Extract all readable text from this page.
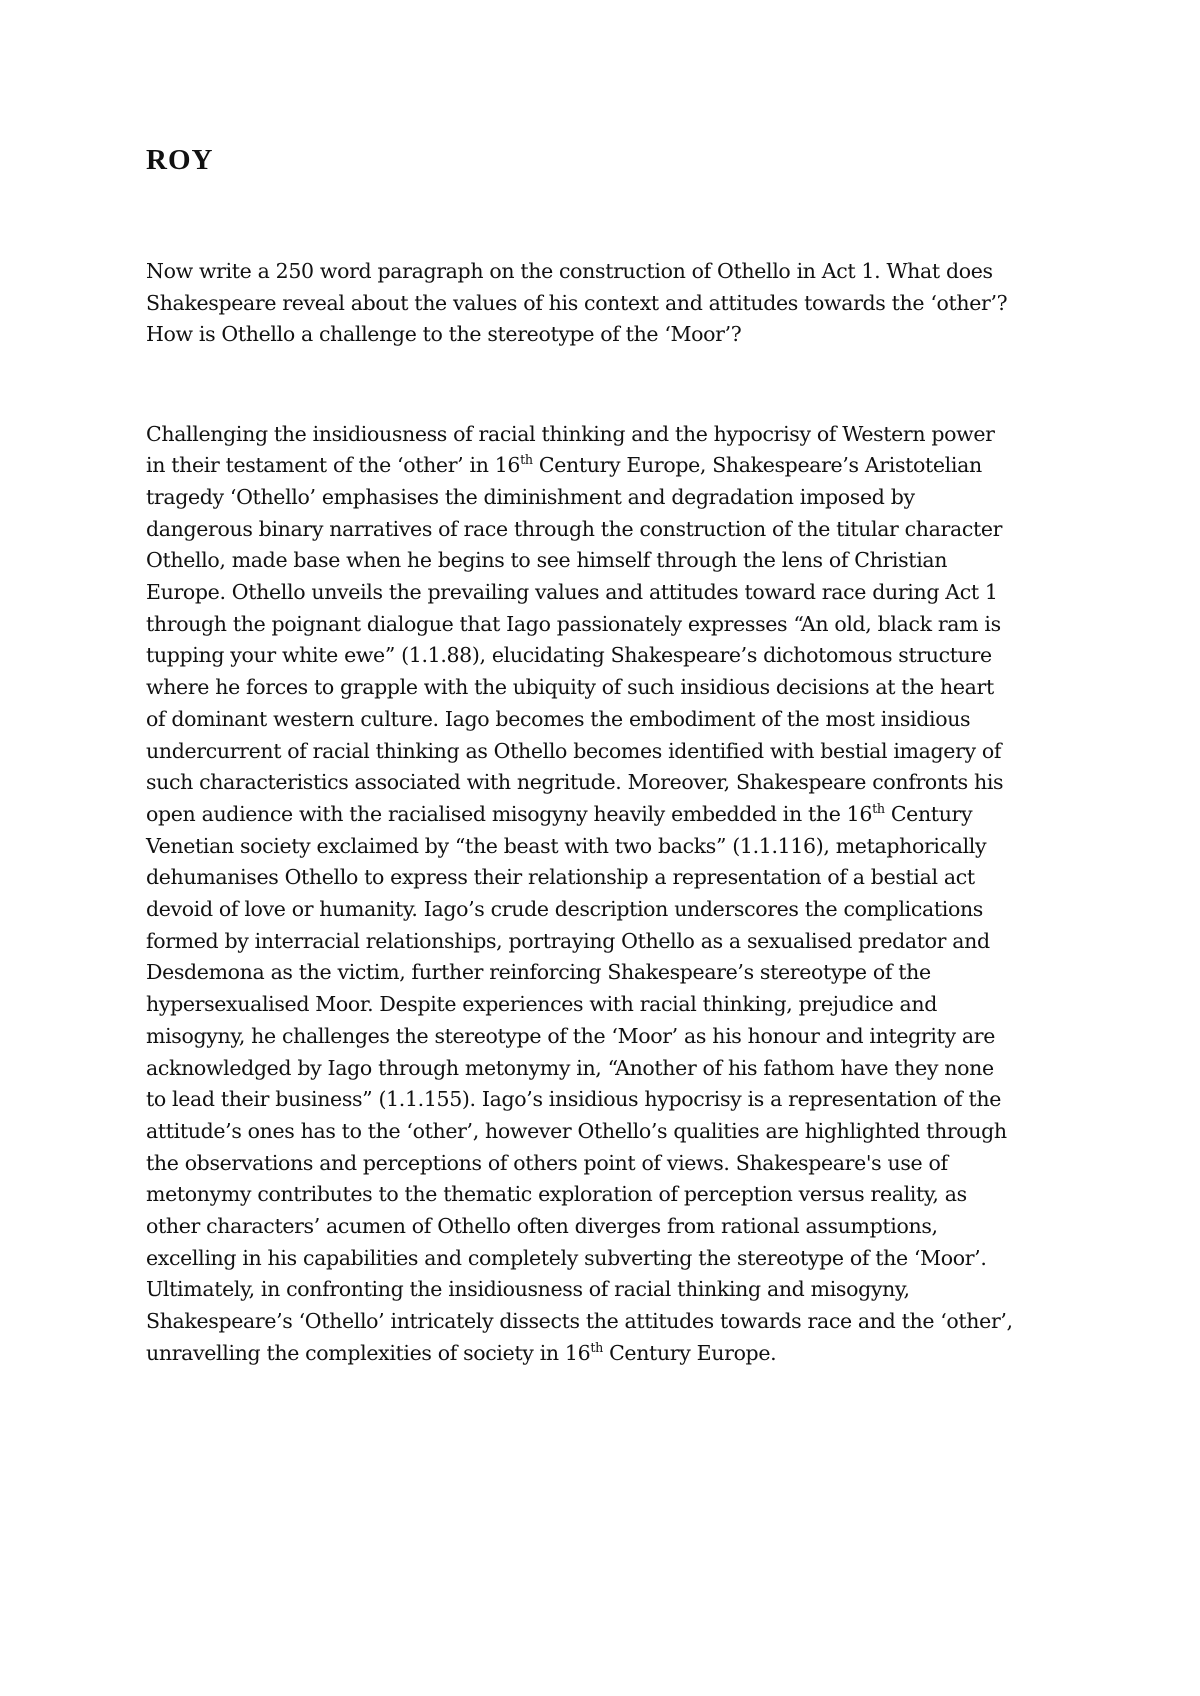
ROY

Now write a 250 word paragraph on the construction of Othello in Act 1. What does
Shakespeare reveal about the values of his context and attitudes towards the ‘other’?
How is Othello a challenge to the stereotype of the ‘Moor’?

Challenging the insidiousness of racial thinking and the hypocrisy of Western power
in their testament of the ‘other’ in 16th Century Europe, Shakespeare’s Aristotelian
tragedy ‘Othello’ emphasises the diminishment and degradation imposed by
dangerous binary narratives of race through the construction of the titular character
Othello, made base when he begins to see himself through the lens of Christian
Europe. Othello unveils the prevailing values and attitudes toward race during Act 1
through the poignant dialogue that Iago passionately expresses “An old, black ram is
tupping your white ewe” (1.1.88), elucidating Shakespeare’s dichotomous structure
where he forces to grapple with the ubiquity of such insidious decisions at the heart
of dominant western culture. Iago becomes the embodiment of the most insidious
undercurrent of racial thinking as Othello becomes identified with bestial imagery of
such characteristics associated with negritude. Moreover, Shakespeare confronts his
open audience with the racialised misogyny heavily embedded in the 16th Century
Venetian society exclaimed by “the beast with two backs” (1.1.116), metaphorically
dehumanises Othello to express their relationship a representation of a bestial act
devoid of love or humanity. Iago’s crude description underscores the complications
formed by interracial relationships, portraying Othello as a sexualised predator and
Desdemona as the victim, further reinforcing Shakespeare’s stereotype of the
hypersexualised Moor. Despite experiences with racial thinking, prejudice and
misogyny, he challenges the stereotype of the ‘Moor’ as his honour and integrity are
acknowledged by Iago through metonymy in, “Another of his fathom have they none
to lead their business” (1.1.155). Iago’s insidious hypocrisy is a representation of the
attitude’s ones has to the ‘other’, however Othello’s qualities are highlighted through
the observations and perceptions of others point of views. Shakespeare's use of
metonymy contributes to the thematic exploration of perception versus reality, as
other characters’ acumen of Othello often diverges from rational assumptions,
excelling in his capabilities and completely subverting the stereotype of the ‘Moor’.
Ultimately, in confronting the insidiousness of racial thinking and misogyny,
Shakespeare’s ‘Othello’ intricately dissects the attitudes towards race and the ‘other’,
unravelling the complexities of society in 16th Century Europe.
